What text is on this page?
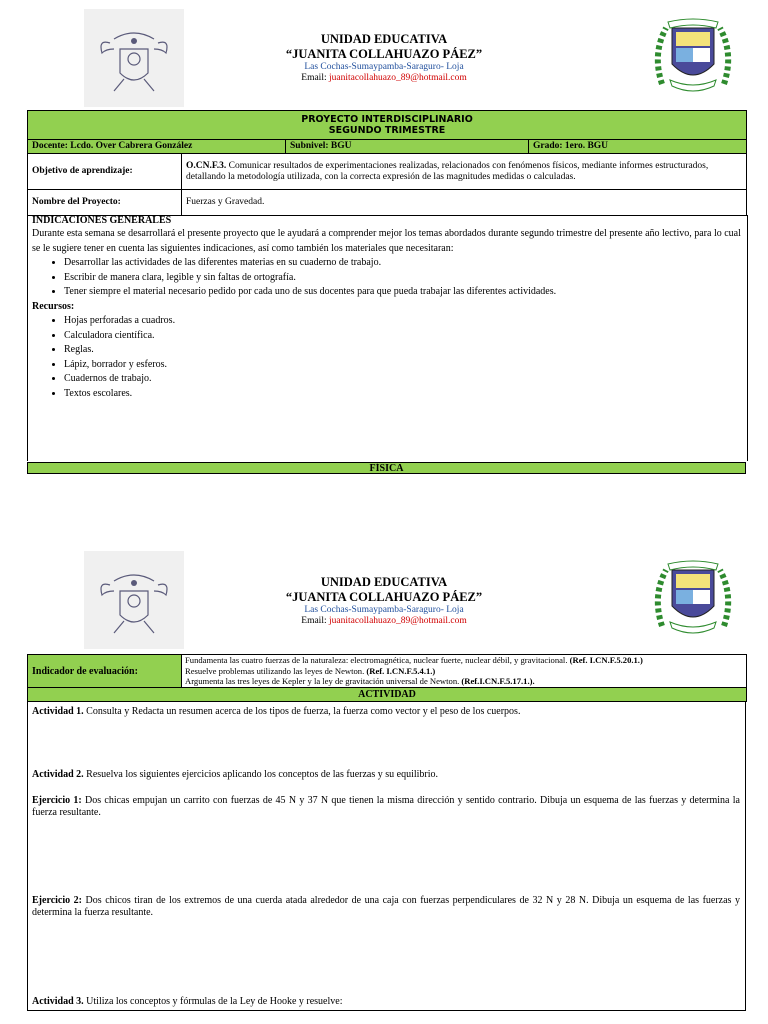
UNIDAD EDUCATIVA
“JUANITA COLLAHUAZO PÁEZ”
Las Cochas-Sumaypamba-Saraguro- Loja
Email: juanitacollahuazo_89@hotmail.com
PROYECTO INTERDISCIPLINARIO
SEGUNDO TRIMESTRE			

Docente: Lcdo. Over Cabrera González		Subnivel: BGU	Grado: 1ero. BGU
Objetivo de aprendizaje:	O.CN.F.3. Comunicar resultados de experimentaciones realizadas, relacionados con fenómenos físicos, mediante informes estructurados, detallando la metodología utilizada, con la correcta expresión de las magnitudes medidas o calculadas.		
Nombre del Proyecto:	Fuerzas y Gravedad.		

INDICACIONES GENERALES

Durante esta semana se desarrollará el presente proyecto que le ayudará a comprender mejor los temas abordados durante segundo trimestre del presente año lectivo, para lo cual se le sugiere tener en cuenta las siguientes indicaciones, así como también los materiales que necesitaran:

• Desarrollar las actividades de las diferentes materias en su cuaderno de trabajo.
• Escribir de manera clara, legible y sin faltas de ortografía.
• Tener siempre el material necesario pedido por cada uno de sus docentes para que pueda trabajar las diferentes actividades.

Recursos:

• Hojas perforadas a cuadros.
• Calculadora científica.
• Reglas.
• Lápiz, borrador y esferos.
• Cuadernos de trabajo.
• Textos escolares.
FÍSICA
UNIDAD EDUCATIVA
“JUANITA COLLAHUAZO PÁEZ”
Las Cochas-Sumaypamba-Saraguro- Loja
Email: juanitacollahuazo_89@hotmail.com
Indicador de evaluación:	
Fundamenta las cuatro fuerzas de la naturaleza: electromagnética, nuclear fuerte, nuclear débil, y gravitacional. (Ref. I.CN.F.5.20.1.)
Resuelve problemas utilizando las leyes de Newton. (Ref. I.CN.F.5.4.1.)
Argumenta las tres leyes de Kepler y la ley de gravitación universal de Newton. (Ref.I.CN.F.5.17.1.).

ACTIVIDAD
Actividad 1. Consulta y Redacta un resumen acerca de los tipos de fuerza, la fuerza como vector y el peso de los cuerpos.
Actividad 2. Resuelva los siguientes ejercicios aplicando los conceptos de las fuerzas y su equilibrio.
Ejercicio 1: Dos chicas empujan un carrito con fuerzas de 45 N y 37 N que tienen la misma dirección y sentido contrario. Dibuja un esquema de las fuerzas y determina la fuerza resultante.
Ejercicio 2: Dos chicos tiran de los extremos de una cuerda atada alrededor de una caja con fuerzas perpendiculares de 32 N y 28 N. Dibuja un esquema de las fuerzas y determina la fuerza resultante.
Actividad 3. Utiliza los conceptos y fórmulas de la Ley de Hooke y resuelve:
